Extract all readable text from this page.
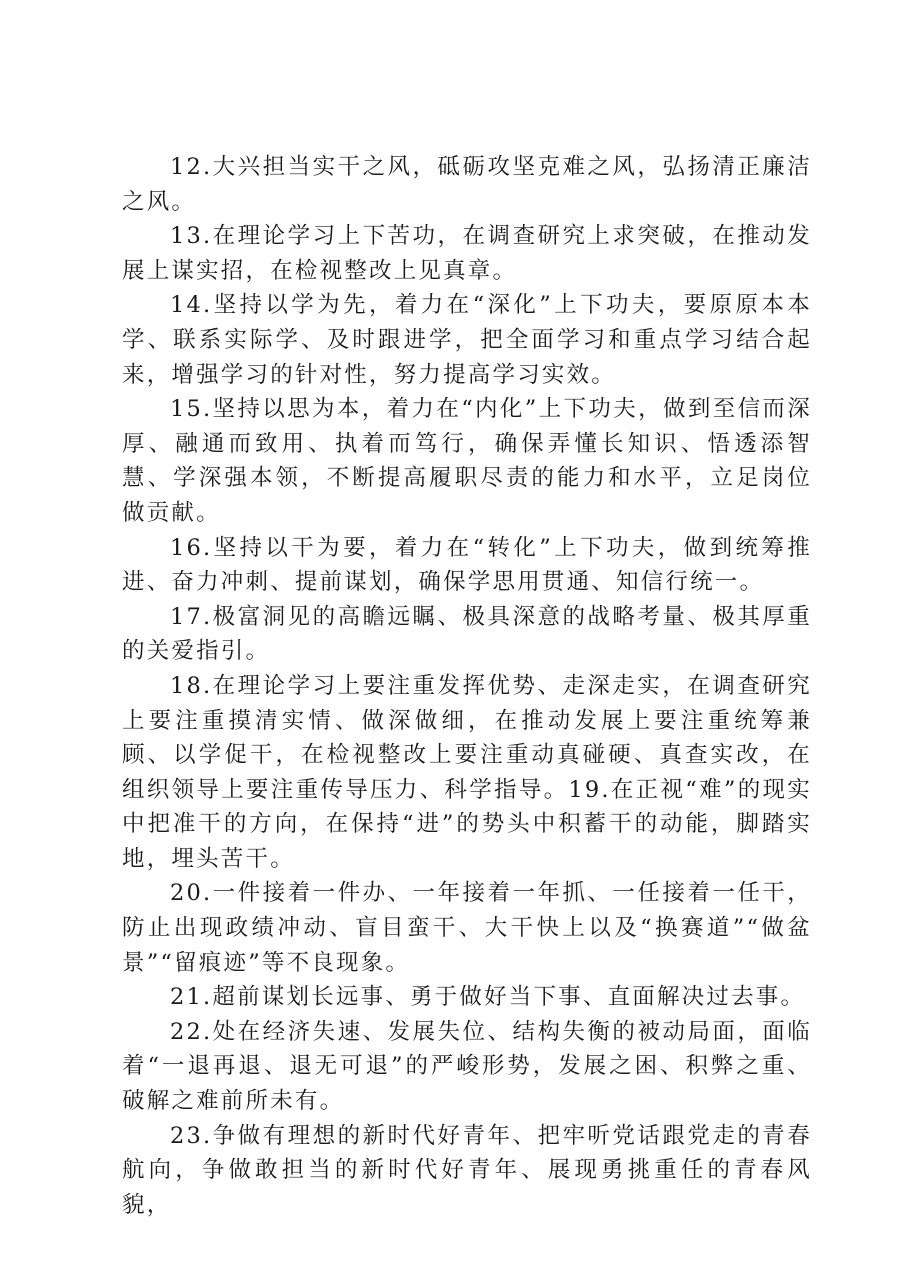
12.大兴担当实干之风，砥砺攻坚克难之风，弘扬清正廉洁之风。

13.在理论学习上下苦功，在调查研究上求突破，在推动发展上谋实招，在检视整改上见真章。

14.坚持以学为先，着力在“深化”上下功夫，要原原本本学、联系实际学、及时跟进学，把全面学习和重点学习结合起来，增强学习的针对性，努力提高学习实效。

15.坚持以思为本，着力在“内化”上下功夫，做到至信而深厚、融通而致用、执着而笃行，确保弄懂长知识、悟透添智慧、学深强本领，不断提高履职尽责的能力和水平，立足岗位做贡献。

16.坚持以干为要，着力在“转化”上下功夫，做到统筹推进、奋力冲刺、提前谋划，确保学思用贯通、知信行统一。

17.极富洞见的高瞻远瞩、极具深意的战略考量、极其厚重的关爱指引。

18.在理论学习上要注重发挥优势、走深走实，在调查研究上要注重摸清实情、做深做细，在推动发展上要注重统筹兼顾、以学促干，在检视整改上要注重动真碰硬、真查实改，在组织领导上要注重传导压力、科学指导。19.在正视“难”的现实中把准干的方向，在保持“进”的势头中积蓄干的动能，脚踏实地，埋头苦干。

20.一件接着一件办、一年接着一年抓、一任接着一任干，防止出现政绩冲动、盲目蛮干、大干快上以及“换赛道”“做盆景”“留痕迹”等不良现象。

21.超前谋划长远事、勇于做好当下事、直面解决过去事。

22.处在经济失速、发展失位、结构失衡的被动局面，面临着“一退再退、退无可退”的严峻形势，发展之困、积弊之重、破解之难前所未有。

23.争做有理想的新时代好青年、把牢听党话跟党走的青春航向，争做敢担当的新时代好青年、展现勇挑重任的青春风貌，
